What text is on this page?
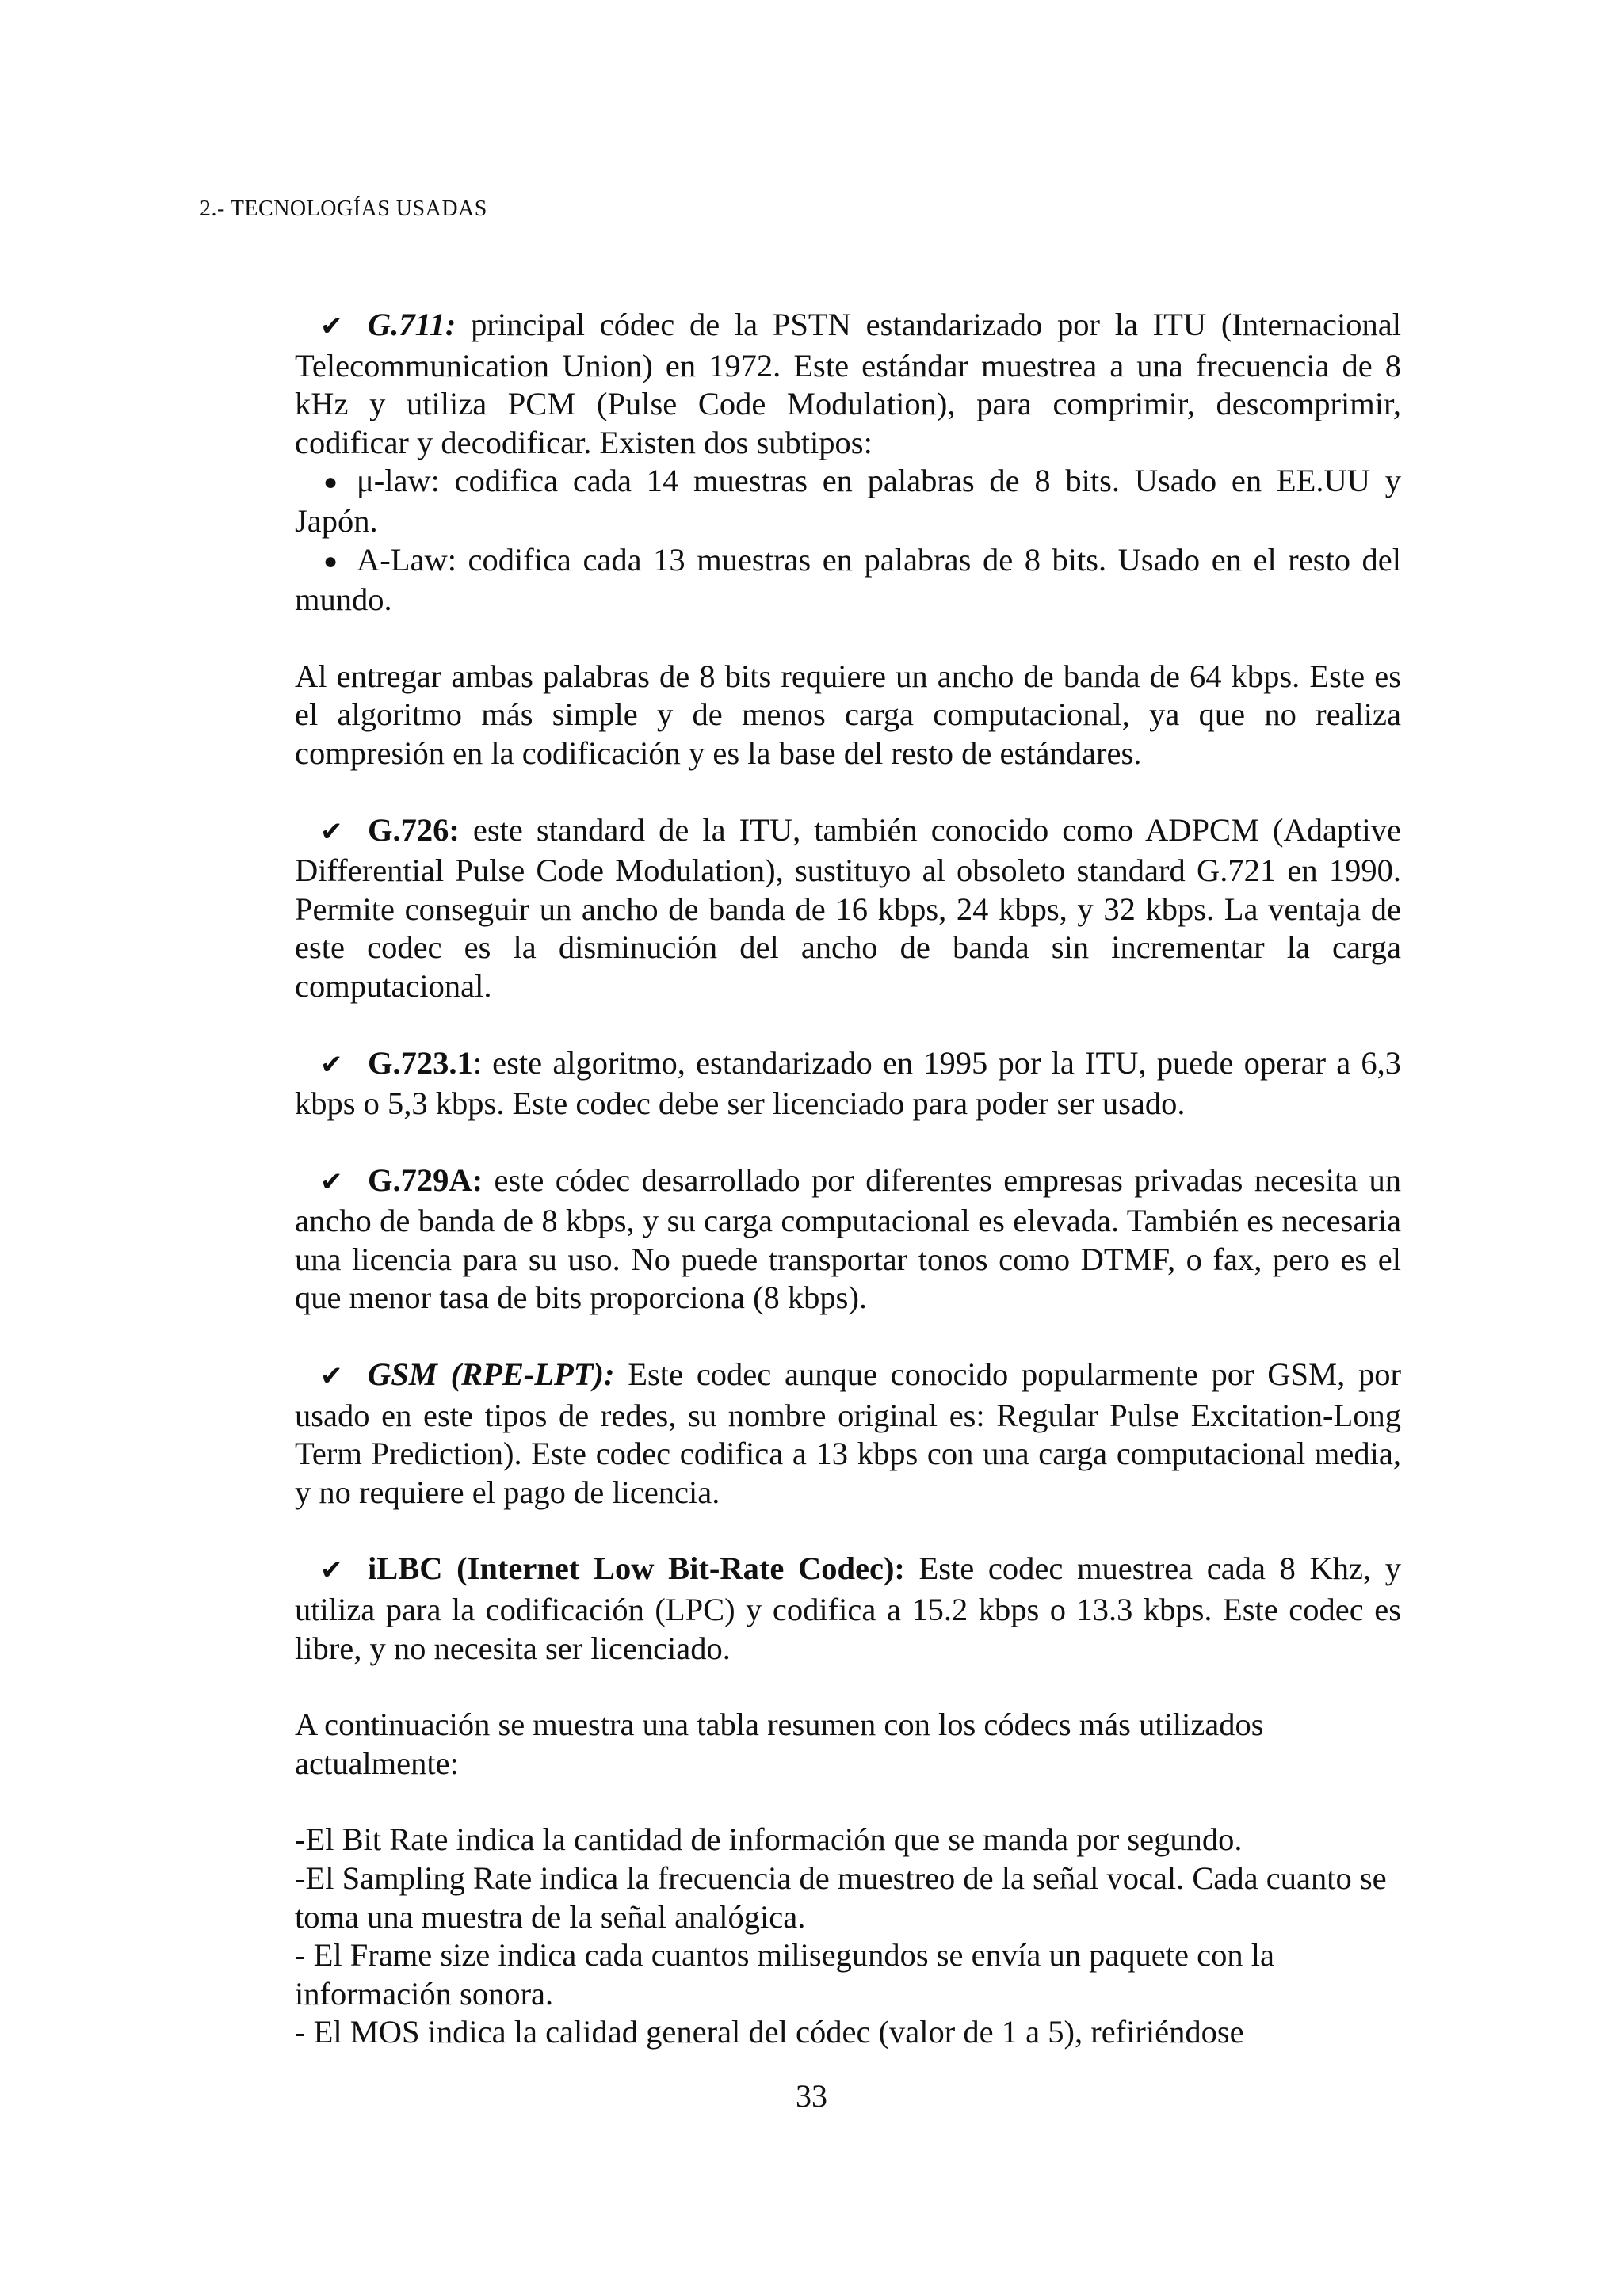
2.- TECNOLOGÍAS USADAS

✔ G.711: principal códec de la PSTN estandarizado por la ITU (Internacional Telecommunication Union) en 1972. Este estándar muestrea a una frecuencia de 8 kHz y utiliza PCM (Pulse Code Modulation), para comprimir, descomprimir, codificar y decodificar. Existen dos subtipos:

● μ-law: codifica cada 14 muestras en palabras de 8 bits. Usado en EE.UU y Japón.

● A-Law: codifica cada 13 muestras en palabras de 8 bits. Usado en el resto del mundo.

Al entregar ambas palabras de 8 bits requiere un ancho de banda de 64 kbps. Este es el algoritmo más simple y de menos carga computacional, ya que no realiza compresión en la codificación y es la base del resto de estándares.

✔ G.726: este standard de la ITU, también conocido como ADPCM (Adaptive Differential Pulse Code Modulation), sustituyo al obsoleto standard G.721 en 1990. Permite conseguir un ancho de banda de 16 kbps, 24 kbps, y 32 kbps. La ventaja de este codec es la disminución del ancho de banda sin incrementar la carga computacional.

✔ G.723.1: este algoritmo, estandarizado en 1995 por la ITU, puede operar a 6,3 kbps o 5,3 kbps. Este codec debe ser licenciado para poder ser usado.

✔ G.729A: este códec desarrollado por diferentes empresas privadas necesita un ancho de banda de 8 kbps, y su carga computacional es elevada. También es necesaria una licencia para su uso. No puede transportar tonos como DTMF, o fax, pero es el que menor tasa de bits proporciona (8 kbps).

✔ GSM (RPE-LPT): Este codec aunque conocido popularmente por GSM, por usado en este tipos de redes, su nombre original es: Regular Pulse Excitation-Long Term Prediction). Este codec codifica a 13 kbps con una carga computacional media, y no requiere el pago de licencia.

✔ iLBC (Internet Low Bit-Rate Codec): Este codec muestrea cada 8 Khz, y utiliza para la codificación (LPC) y codifica a 15.2 kbps o 13.3 kbps. Este codec es libre, y no necesita ser licenciado.

A continuación se muestra una tabla resumen con los códecs más utilizados actualmente:

-El Bit Rate indica la cantidad de información que se manda por segundo.

-El Sampling Rate indica la frecuencia de muestreo de la señal vocal. Cada cuanto se toma una muestra de la señal analógica.

- El Frame size indica cada cuantos milisegundos se envía un paquete con la información sonora.

- El MOS indica la calidad general del códec (valor de 1 a 5), refiriéndose

33
